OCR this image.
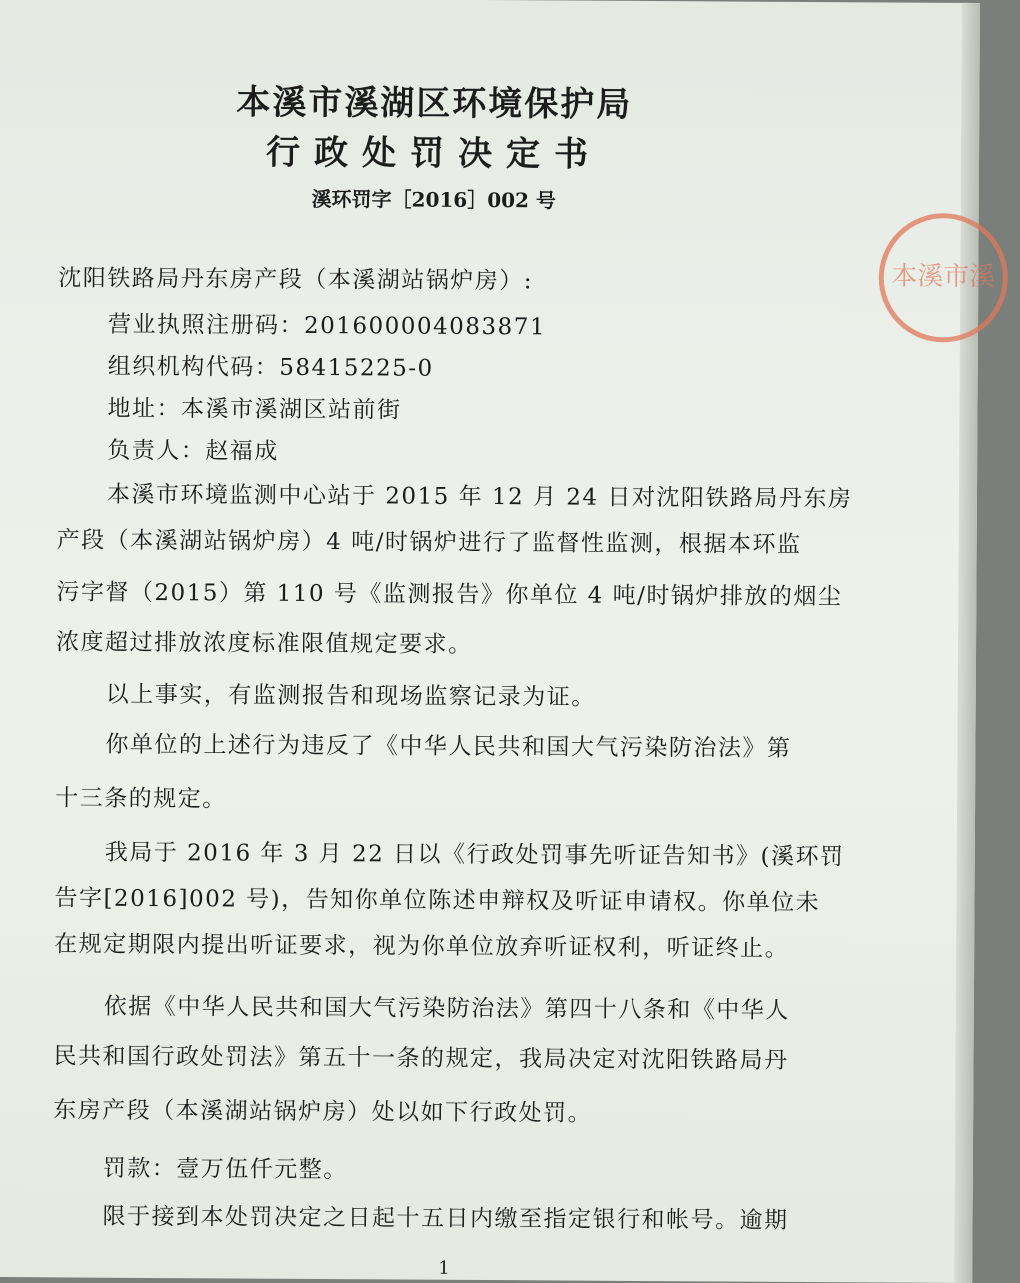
本溪市溪湖区环境保护局
行政处罚决定书
溪环罚字［2016］002 号
沈阳铁路局丹东房产段（本溪湖站锅炉房）:
营业执照注册码：201600004083871
组织机构代码：58415225-0
地址：本溪市溪湖区站前街
负责人：赵福成
本溪市环境监测中心站于 2015 年 12 月 24 日对沈阳铁路局丹东房
产段（本溪湖站锅炉房）4 吨/时锅炉进行了监督性监测，根据本环监
污字督（2015）第 110 号《监测报告》你单位 4 吨/时锅炉排放的烟尘
浓度超过排放浓度标准限值规定要求。
以上事实，有监测报告和现场监察记录为证。
你单位的上述行为违反了《中华人民共和国大气污染防治法》第
十三条的规定。
我局于 2016 年 3 月 22 日以《行政处罚事先听证告知书》(溪环罚
告字[2016]002 号)，告知你单位陈述申辩权及听证申请权。你单位未
在规定期限内提出听证要求，视为你单位放弃听证权利，听证终止。
依据《中华人民共和国大气污染防治法》第四十八条和《中华人
民共和国行政处罚法》第五十一条的规定，我局决定对沈阳铁路局丹
东房产段（本溪湖站锅炉房）处以如下行政处罚。
罚款：壹万伍仟元整。
限于接到本处罚决定之日起十五日内缴至指定银行和帐号。逾期
1
本溪市溪
